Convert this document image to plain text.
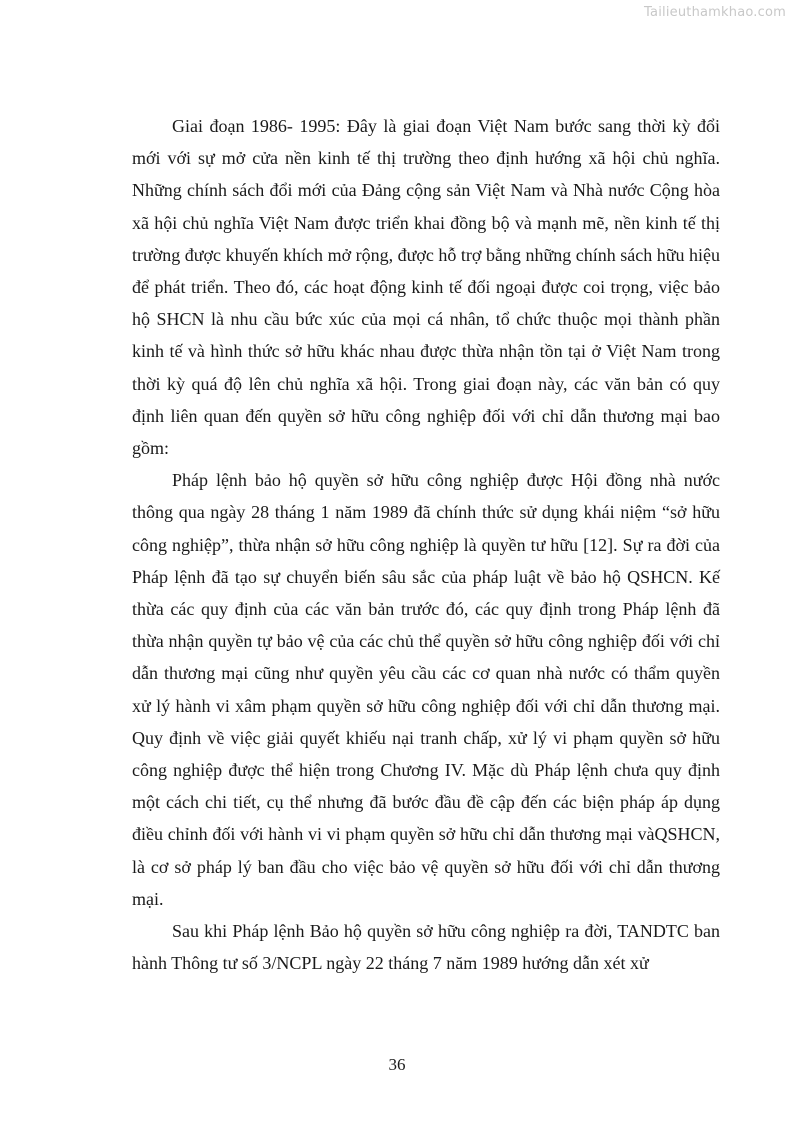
Tailieuthamkhao.com

Giai đoạn 1986- 1995: Đây là giai đoạn Việt Nam bước sang thời kỳ đổi mới với sự mở cửa nền kinh tế thị trường theo định hướng xã hội chủ nghĩa. Những chính sách đổi mới của Đảng cộng sản Việt Nam và Nhà nước Cộng hòa xã hội chủ nghĩa Việt Nam được triển khai đồng bộ và mạnh mẽ, nền kinh tế thị trường được khuyến khích mở rộng, được hỗ trợ bằng những chính sách hữu hiệu để phát triển. Theo đó, các hoạt động kinh tế đối ngoại được coi trọng, việc bảo hộ SHCN là nhu cầu bức xúc của mọi cá nhân, tổ chức thuộc mọi thành phần kinh tế và hình thức sở hữu khác nhau được thừa nhận tồn tại ở Việt Nam trong thời kỳ quá độ lên chủ nghĩa xã hội. Trong giai đoạn này, các văn bản có quy định liên quan đến quyền sở hữu công nghiệp đối với chỉ dẫn thương mại bao gồm:

Pháp lệnh bảo hộ quyền sở hữu công nghiệp được Hội đồng nhà nước thông qua ngày 28 tháng 1 năm 1989 đã chính thức sử dụng khái niệm “sở hữu công nghiệp”, thừa nhận sở hữu công nghiệp là quyền tư hữu [12]. Sự ra đời của Pháp lệnh đã tạo sự chuyển biến sâu sắc của pháp luật về bảo hộ QSHCN. Kế thừa các quy định của các văn bản trước đó, các quy định trong Pháp lệnh đã thừa nhận quyền tự bảo vệ của các chủ thể quyền sở hữu công nghiệp đối với chỉ dẫn thương mại cũng như quyền yêu cầu các cơ quan nhà nước có thẩm quyền xử lý hành vi xâm phạm quyền sở hữu công nghiệp đối với chỉ dẫn thương mại. Quy định về việc giải quyết khiếu nại tranh chấp, xử lý vi phạm quyền sở hữu công nghiệp được thể hiện trong Chương IV. Mặc dù Pháp lệnh chưa quy định một cách chi tiết, cụ thể nhưng đã bước đầu đề cập đến các biện pháp áp dụng điều chỉnh đối với hành vi vi phạm quyền sở hữu chỉ dẫn thương mại vàQSHCN, là cơ sở pháp lý ban đầu cho việc bảo vệ quyền sở hữu đối với chỉ dẫn thương mại.

Sau khi Pháp lệnh Bảo hộ quyền sở hữu công nghiệp ra đời, TANDTC ban hành Thông tư số 3/NCPL ngày 22 tháng 7 năm 1989 hướng dẫn xét xử

36
